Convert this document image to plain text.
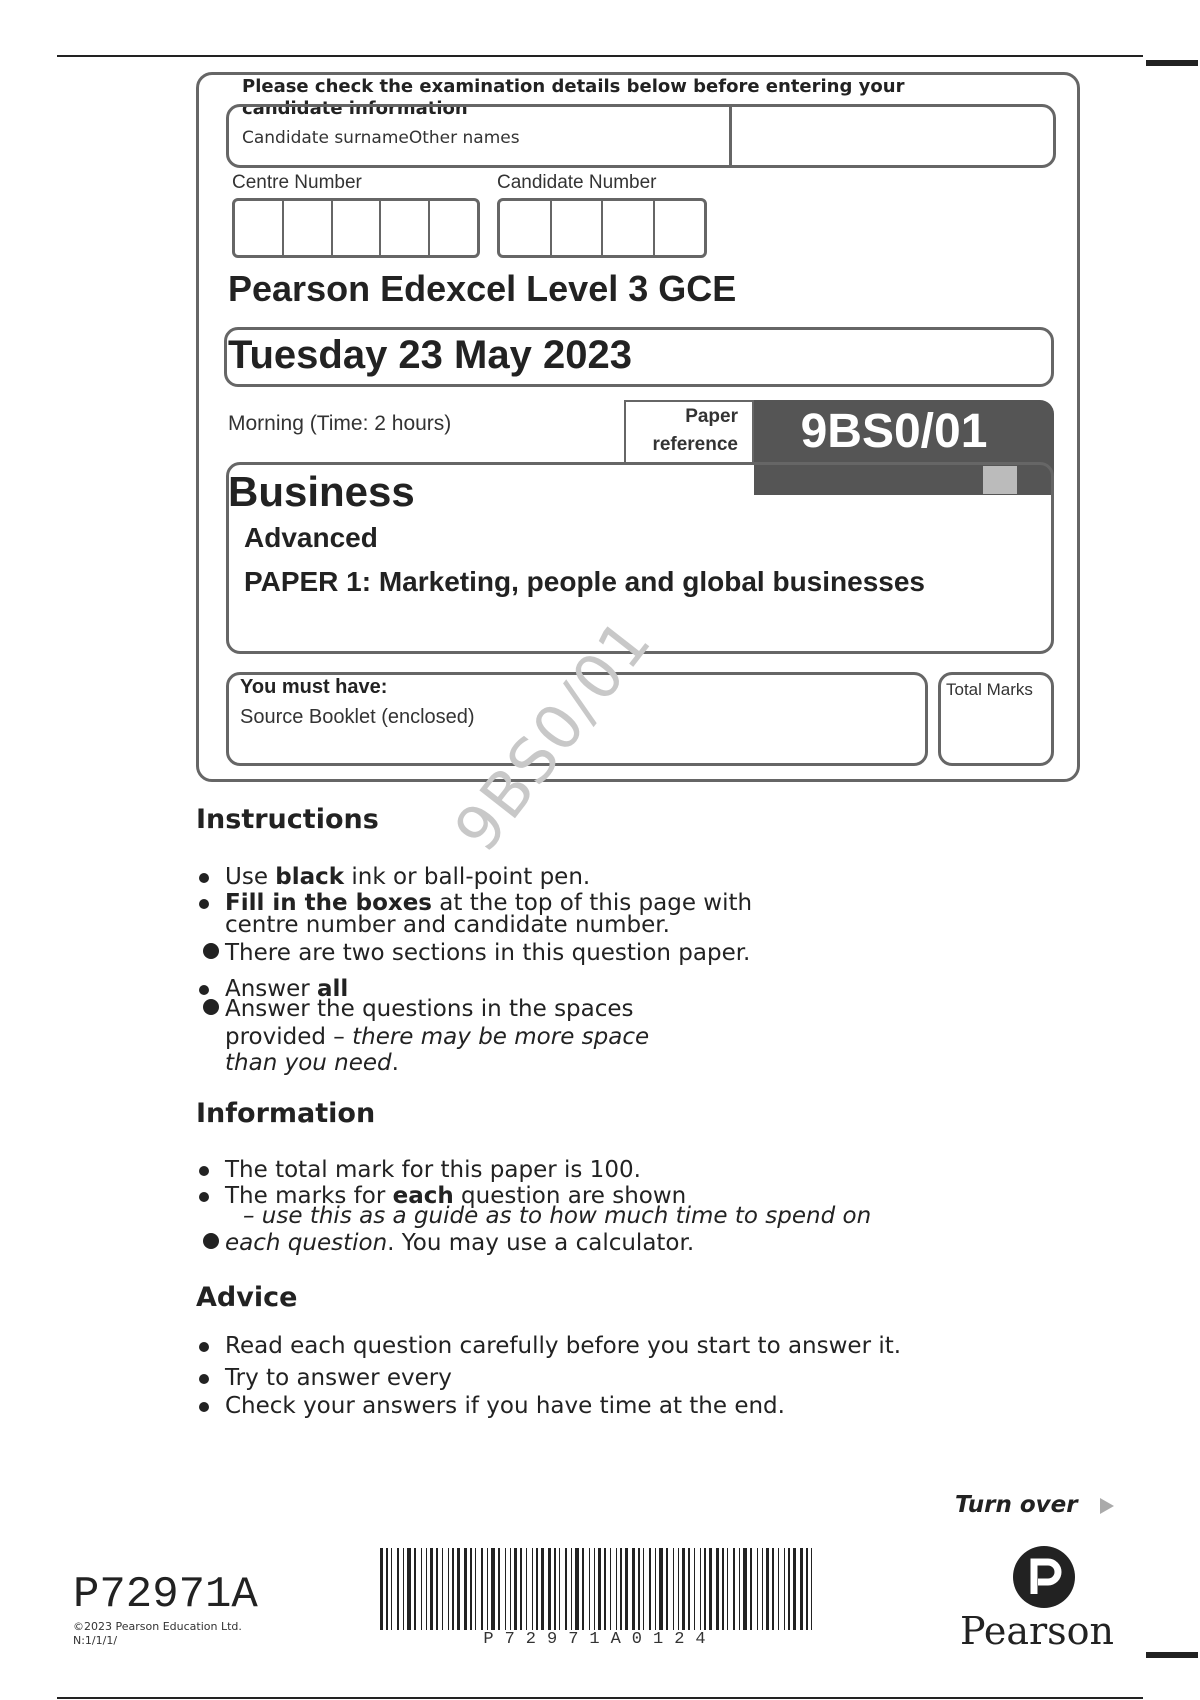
Please check the examination details below before entering your candidate information
Candidate surnameOther names
Centre Number	Candidate Number
Pearson Edexcel Level 3 GCE
Tuesday 23 May 2023
Morning (Time: 2 hours)	Paper reference	9BS0/01
Business
Advanced
PAPER 1: Marketing, people and global businesses
You must have:
Source Booklet (enclosed)
Total Marks
9BS0/01
Instructions
Use black ink or ball-point pen.
Fill in the boxes at the top of this page with
centre number and candidate number.
There are two sections in this question paper.
Answer all
Answer the questions in the spaces
provided – there may be more space
than you need.
Information
The total mark for this paper is 100.
The marks for each question are shown
– use this as a guide as to how much time to spend on
each question. You may use a calculator.
Advice
Read each question carefully before you start to answer it.
Try to answer every
Check your answers if you have time at the end.
Turn over
P72971A
©2023 Pearson Education Ltd.
N:1/1/1/	P72971A0124	Pearson
